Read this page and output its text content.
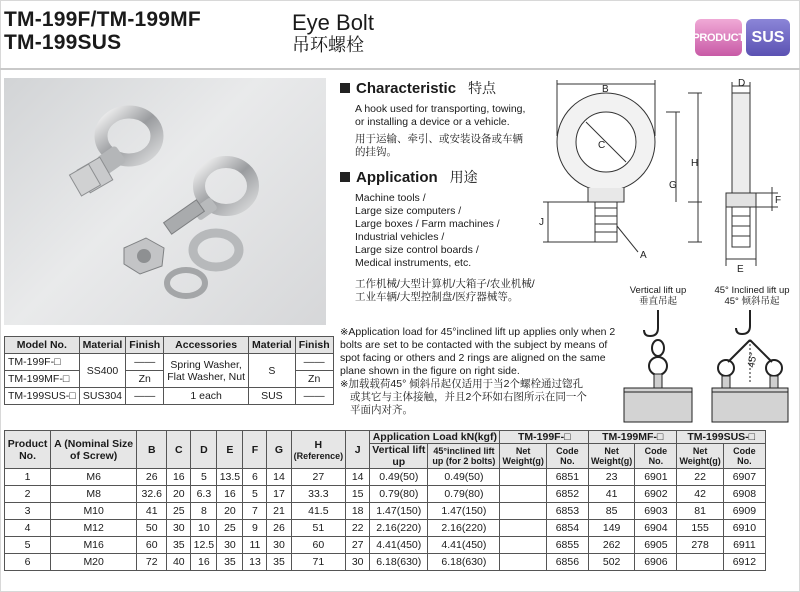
TM-199F/TM-199MF
TM-199SUS
Eye Bolt
吊环螺栓	PRODUCT SUS
Characteristic 特点
A hook used for transporting, towing, or installing a device or a vehicle.
用于运输、牵引、或安装设备或车辆的挂钩。
Application 用途
Machine tools /
Large size computers /
Large boxes / Farm machines /
Industrial vehicles /
Large size control boards /
Medical instruments, etc.
工作机械/大型计算机/大箱子/农业机械/
工业车辆/大型控制盘/医疗器械等。
B
C
H
G
J
A
D
F
E
Vertical lift up
垂直吊起
45° Inclined lift up
45° 倾斜吊起
45°
Model No.	Material	Finish	Accessories	Material	Finish
TM-199F-□	SS400	——	Spring Washer,
Flat Washer, Nut	S	——
TM-199MF-□		Zn			Zn
TM-199SUS-□	SUS304	——	1 each	SUS	——
※Application load for 45°inclined lift up applies only when 2 bolts are set to be contacted with the subject by means of spot facing or others and 2 rings are aligned on the same plane shown in the figure on right side.
※加载载荷45° 倾斜吊起仅适用于当2个螺栓通过锪孔
或其它与主体接触，并且2个环如右图所示在同一个
平面内对齐。
Product No.	A (Nominal Size of Screw)	B	C	D	E	F	G	H
(Reference)	J	Application Load kN(kgf)		TM-199F-□		TM-199MF-□		TM-199SUS-□	
										Vertical lift up	45°inclined lift up (for 2 bolts)	Net Weight(g)	Code No.	Net Weight(g)	Code No.	Net Weight(g)	Code No.
1	M6	26	16	5	13.5	6	14	27	14	0.49(50)	0.49(50)		6851	23	6901	22	6907
2	M8	32.6	20	6.3	16	5	17	33.3	15	0.79(80)	0.79(80)		6852	41	6902	42	6908
3	M10	41	25	8	20	7	21	41.5	18	1.47(150)	1.47(150)		6853	85	6903	81	6909
4	M12	50	30	10	25	9	26	51	22	2.16(220)	2.16(220)		6854	149	6904	155	6910
5	M16	60	35	12.5	30	11	30	60	27	4.41(450)	4.41(450)		6855	262	6905	278	6911
6	M20	72	40	16	35	13	35	71	30	6.18(630)	6.18(630)		6856	502	6906		6912
